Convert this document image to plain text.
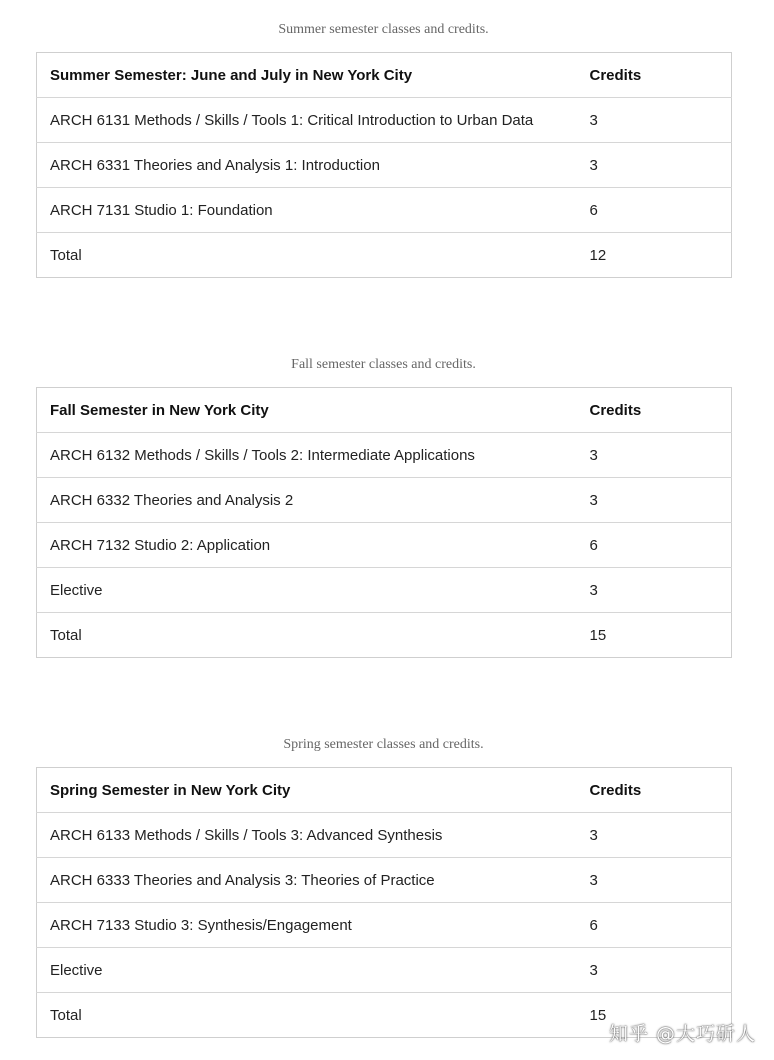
Summer semester classes and credits.
Summer Semester: June and July in New York City	Credits
ARCH 6131 Methods / Skills / Tools 1: Critical Introduction to Urban Data	3
ARCH 6331 Theories and Analysis 1: Introduction	3
ARCH 7131 Studio 1: Foundation	6
Total	12
Fall semester classes and credits.
Fall Semester in New York City	Credits
ARCH 6132 Methods / Skills / Tools 2: Intermediate Applications	3
ARCH 6332 Theories and Analysis 2	3
ARCH 7132 Studio 2: Application	6
Elective	3
Total	15
Spring semester classes and credits.
Spring Semester in New York City	Credits
ARCH 6133 Methods / Skills / Tools 3: Advanced Synthesis	3
ARCH 6333 Theories and Analysis 3: Theories of Practice	3
ARCH 7133 Studio 3: Synthesis/Engagement	6
Elective	3
Total	15
知乎 @大巧斫人
